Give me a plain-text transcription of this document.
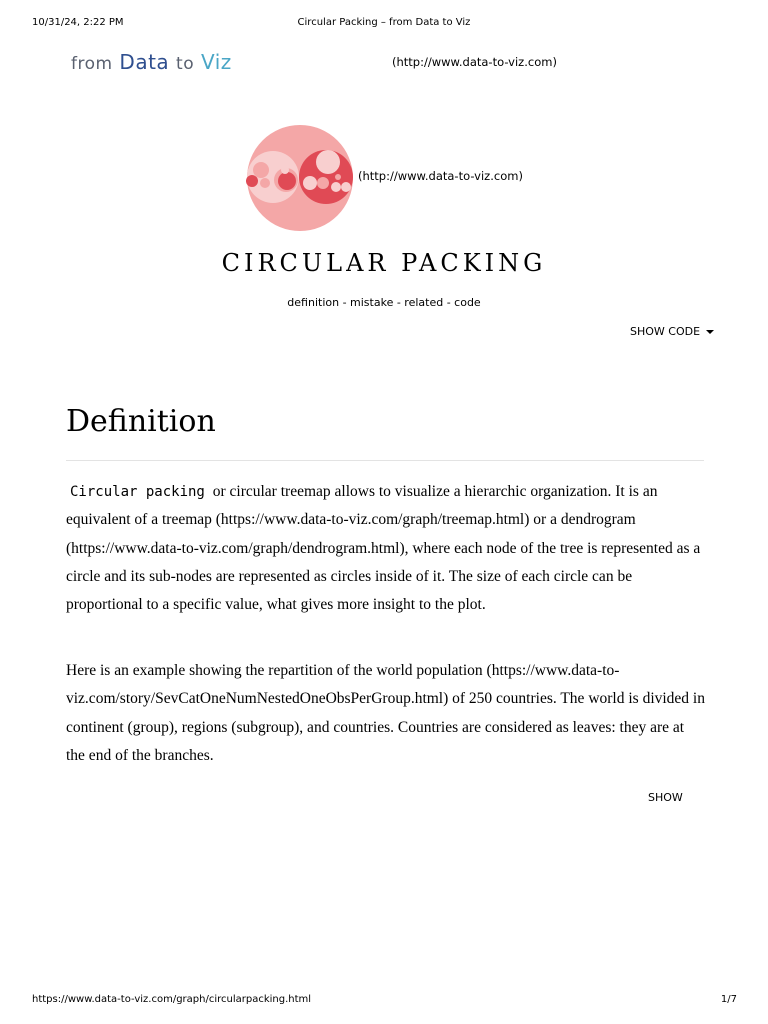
10/31/24, 2:22 PM	Circular Packing – from Data to Viz
from Data to Viz	(http://www.data-to-viz.com)
(http://www.data-to-viz.com)
CIRCULAR PACKING
definition - mistake - related - code
SHOW CODE
Definition

Circular packing or circular treemap allows to visualize a hierarchic organization. It is an equivalent of a treemap (https://www.data-to-viz.com/graph/treemap.html) or a dendrogram (https://www.data-to-viz.com/graph/dendrogram.html), where each node of the tree is represented as a circle and its sub-nodes are represented as circles inside of it. The size of each circle can be proportional to a specific value, what gives more insight to the plot.

Here is an example showing the repartition of the world population (https://www.data-to-viz.com/story/SevCatOneNumNestedOneObsPerGroup.html) of 250 countries. The world is divided in continent (group), regions (subgroup), and countries. Countries are considered as leaves: they are at the end of the branches.

SHOW
https://www.data-to-viz.com/graph/circularpacking.html	1/7
